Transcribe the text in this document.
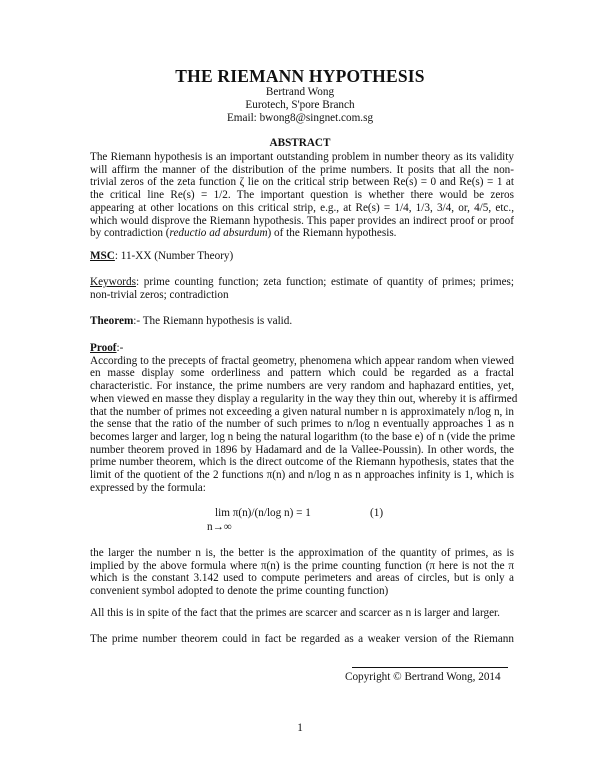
THE RIEMANN HYPOTHESIS
Bertrand Wong
Eurotech, S'pore Branch
Email: bwong8@singnet.com.sg
ABSTRACT
The Riemann hypothesis is an important outstanding problem in number theory as its validity
will affirm the manner of the distribution of the prime numbers. It posits that all the non-
trivial zeros of the zeta function ζ lie on the critical strip between Re(s) = 0 and Re(s) = 1 at
the critical line Re(s) = 1/2. The important question is whether there would be zeros
appearing at other locations on this critical strip, e.g., at Re(s) = 1/4, 1/3, 3/4, or, 4/5, etc.,
which would disprove the Riemann hypothesis. This paper provides an indirect proof or proof
by contradiction (reductio ad absurdum) of the Riemann hypothesis.
MSC: 11-XX (Number Theory)
Keywords: prime counting function; zeta function; estimate of quantity of primes; primes;
non-trivial zeros; contradiction
Theorem:- The Riemann hypothesis is valid.
Proof:-
According to the precepts of fractal geometry, phenomena which appear random when viewed
en masse display some orderliness and pattern which could be regarded as a fractal
characteristic. For instance, the prime numbers are very random and haphazard entities, yet,
when viewed en masse they display a regularity in the way they thin out, whereby it is affirmed
that the number of primes not exceeding a given natural number n is approximately n/log n, in
the sense that the ratio of the number of such primes to n/log n eventually approaches 1 as n
becomes larger and larger, log n being the natural logarithm (to the base e) of n (vide the prime
number theorem proved in 1896 by Hadamard and de la Vallee-Poussin). In other words, the
prime number theorem, which is the direct outcome of the Riemann hypothesis, states that the
limit of the quotient of the 2 functions π(n) and n/log n as n approaches infinity is 1, which is
expressed by the formula:
lim π(n)/(n/log n) = 1
n→∞
(1)
the larger the number n is, the better is the approximation of the quantity of primes, as is
implied by the above formula where π(n) is the prime counting function (π here is not the π
which is the constant 3.142 used to compute perimeters and areas of circles, but is only a
convenient symbol adopted to denote the prime counting function)
All this is in spite of the fact that the primes are scarcer and scarcer as n is larger and larger.
The prime number theorem could in fact be regarded as a weaker version of the Riemann
Copyright © Bertrand Wong, 2014
1
